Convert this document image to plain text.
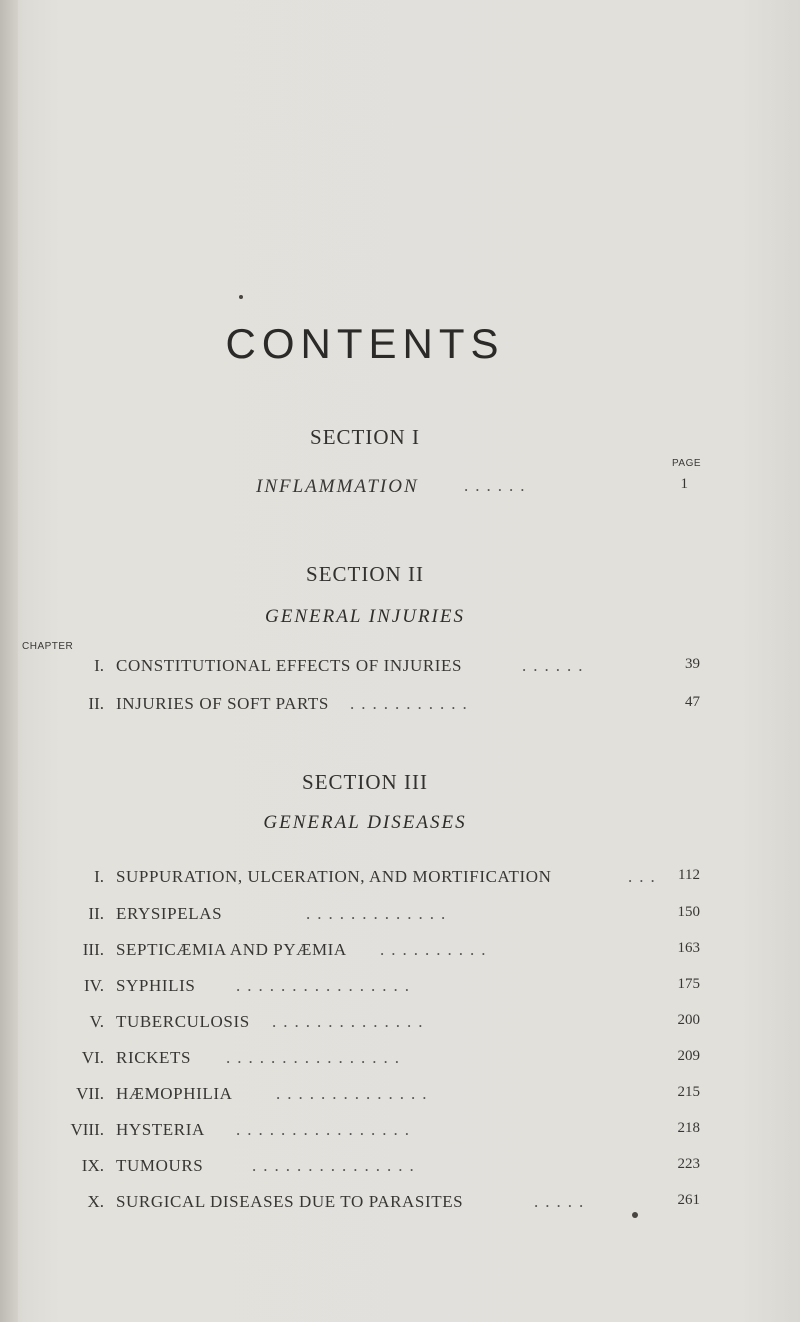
CONTENTS
SECTION I
PAGE
INFLAMMATION	......	1
SECTION II
GENERAL INJURIES
CHAPTER
I. CONSTITUTIONAL EFFECTS OF INJURIES	......	39
II. INJURIES OF SOFT PARTS ...........	47
SECTION III
GENERAL DISEASES
I. SUPPURATION, ULCERATION, AND MORTIFICATION	... 112
II. ERYSIPELAS	.............	150
III. SEPTICÆMIA AND PYÆMIA ..........	163
IV. SYPHILIS ................	175
V. TUBERCULOSIS ..............	200
VI. RICKETS ................	209
VII. HÆMOPHILIA	..............	215
VIII. HYSTERIA ................	218
IX. TUMOURS	...............	223
X. SURGICAL DISEASES DUE TO PARASITES	.....	261
